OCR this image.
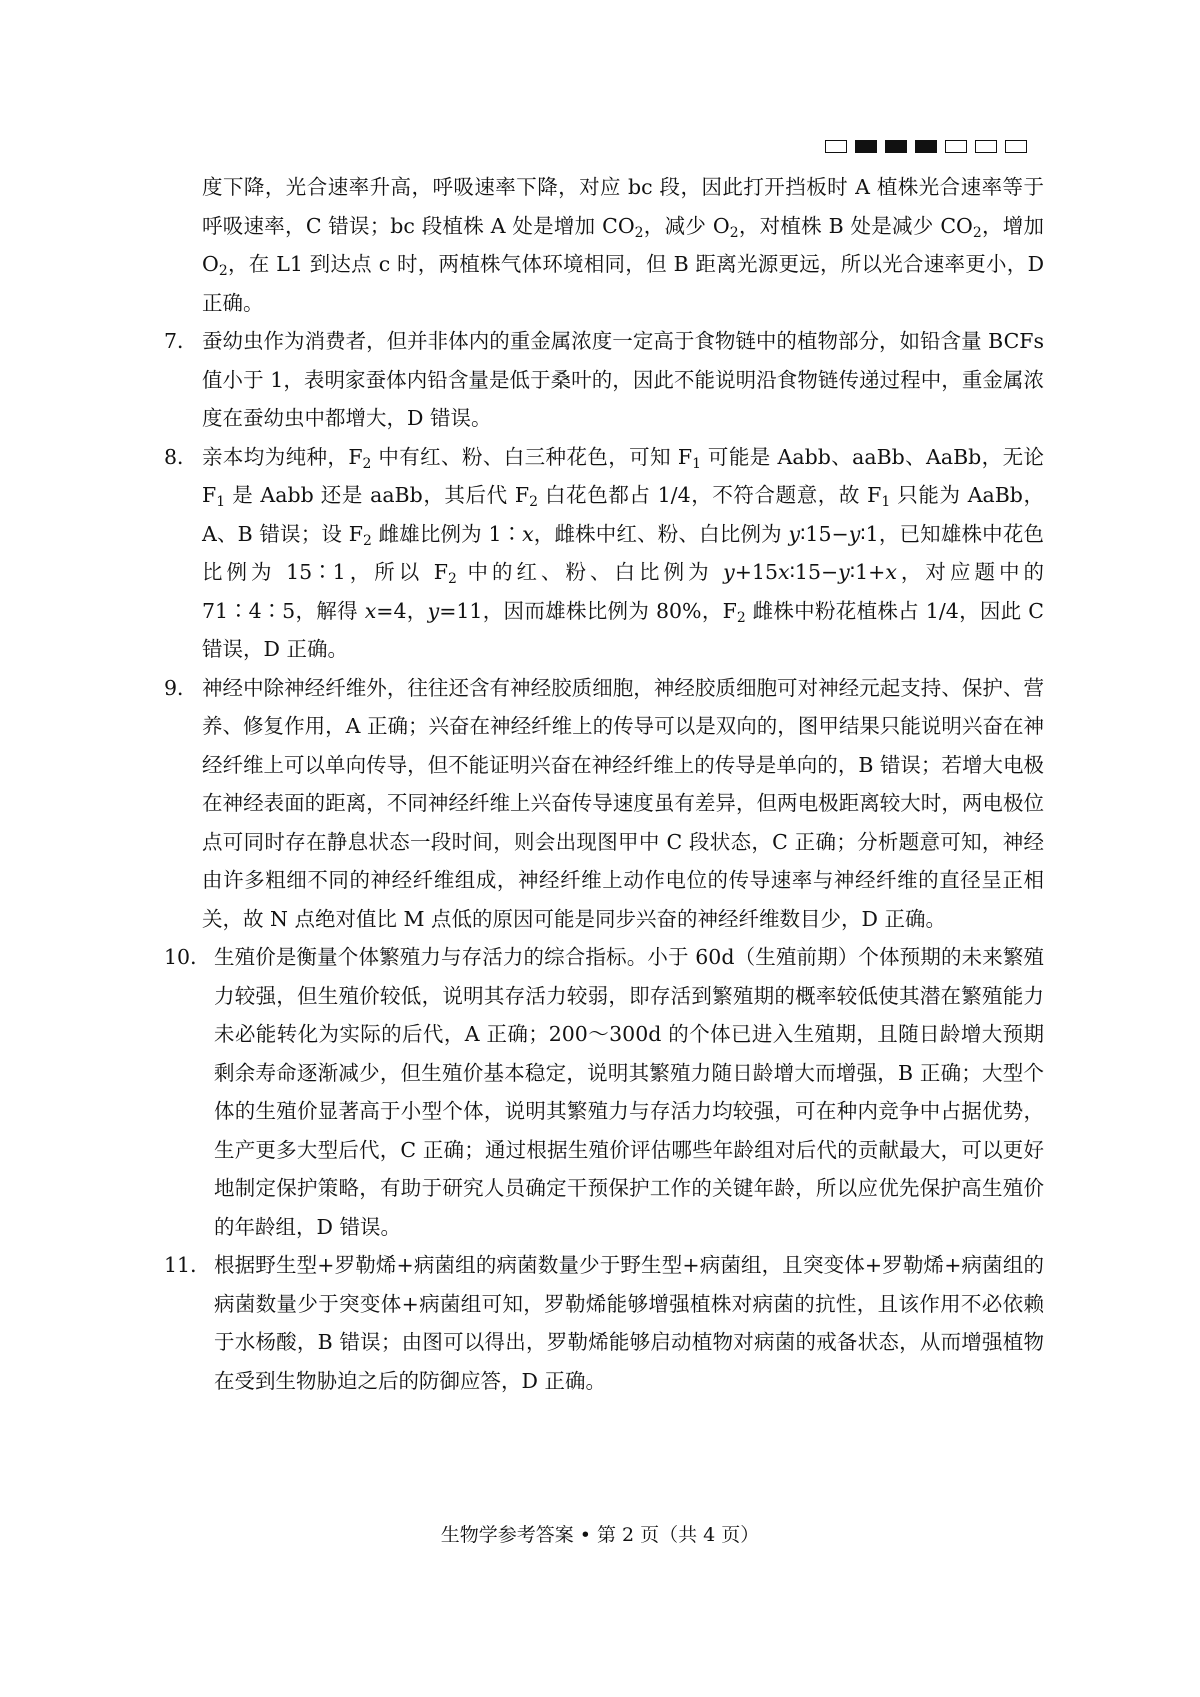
度下降，光合速率升高，呼吸速率下降，对应 bc 段，因此打开挡板时 A 植株光合速率等于呼吸速率，C 错误；bc 段植株 A 处是增加 $CO_2$，减少 $O_2$，对植株 B 处是减少 $CO_2$，增加 $O_2$，在 L1 到达点 c 时，两植株气体环境相同，但 B 距离光源更远，所以光合速率更小，D 正确。

7． 蚕幼虫作为消费者，但并非体内的重金属浓度一定高于食物链中的植物部分，如铅含量 BCFs 值小于 1，表明家蚕体内铅含量是低于桑叶的，因此不能说明沿食物链传递过程中，重金属浓度在蚕幼虫中都增大，D 错误。
8． 亲本均为纯种，$F_2$ 中有红、粉、白三种花色，可知 $F_1$ 可能是 Aabb、aaBb、AaBb，无论 $F_1$ 是 Aabb 还是 aaBb，其后代 $F_2$ 白花色都占 1/4，不符合题意，故 $F_1$ 只能为 AaBb，A、B 错误；设 $F_2$ 雌雄比例为 1∶x，雌株中红、粉、白比例为 y∶15−y∶1，已知雄株中花色比例为 15∶1，所以 $F_2$ 中的红、粉、白比例为 y+15x∶15−y∶1+x，对应题中的 71∶4∶5，解得 x=4，y=11，因而雄株比例为 80%，$F_2$ 雌株中粉花植株占 1/4，因此 C 错误，D 正确。
9． 神经中除神经纤维外，往往还含有神经胶质细胞，神经胶质细胞可对神经元起支持、保护、营养、修复作用，A 正确；兴奋在神经纤维上的传导可以是双向的，图甲结果只能说明兴奋在神经纤维上可以单向传导，但不能证明兴奋在神经纤维上的传导是单向的，B 错误；若增大电极在神经表面的距离，不同神经纤维上兴奋传导速度虽有差异，但两电极距离较大时，两电极位点可同时存在静息状态一段时间，则会出现图甲中 C 段状态，C 正确；分析题意可知，神经由许多粗细不同的神经纤维组成，神经纤维上动作电位的传导速率与神经纤维的直径呈正相关，故 N 点绝对值比 M 点低的原因可能是同步兴奋的神经纤维数目少，D 正确。
10． 生殖价是衡量个体繁殖力与存活力的综合指标。小于 60d（生殖前期）个体预期的未来繁殖力较强，但生殖价较低，说明其存活力较弱，即存活到繁殖期的概率较低使其潜在繁殖能力未必能转化为实际的后代，A 正确；200～300d 的个体已进入生殖期，且随日龄增大预期剩余寿命逐渐减少，但生殖价基本稳定，说明其繁殖力随日龄增大而增强，B 正确；大型个体的生殖价显著高于小型个体，说明其繁殖力与存活力均较强，可在种内竞争中占据优势，生产更多大型后代，C 正确；通过根据生殖价评估哪些年龄组对后代的贡献最大，可以更好地制定保护策略，有助于研究人员确定干预保护工作的关键年龄，所以应优先保护高生殖价的年龄组，D 错误。
11． 根据野生型+罗勒烯+病菌组的病菌数量少于野生型+病菌组，且突变体+罗勒烯+病菌组的病菌数量少于突变体+病菌组可知，罗勒烯能够增强植株对病菌的抗性，且该作用不必依赖于水杨酸，B 错误；由图可以得出，罗勒烯能够启动植物对病菌的戒备状态，从而增强植物在受到生物胁迫之后的防御应答，D 正确。
生物学参考答案 • 第 2 页（共 4 页）
